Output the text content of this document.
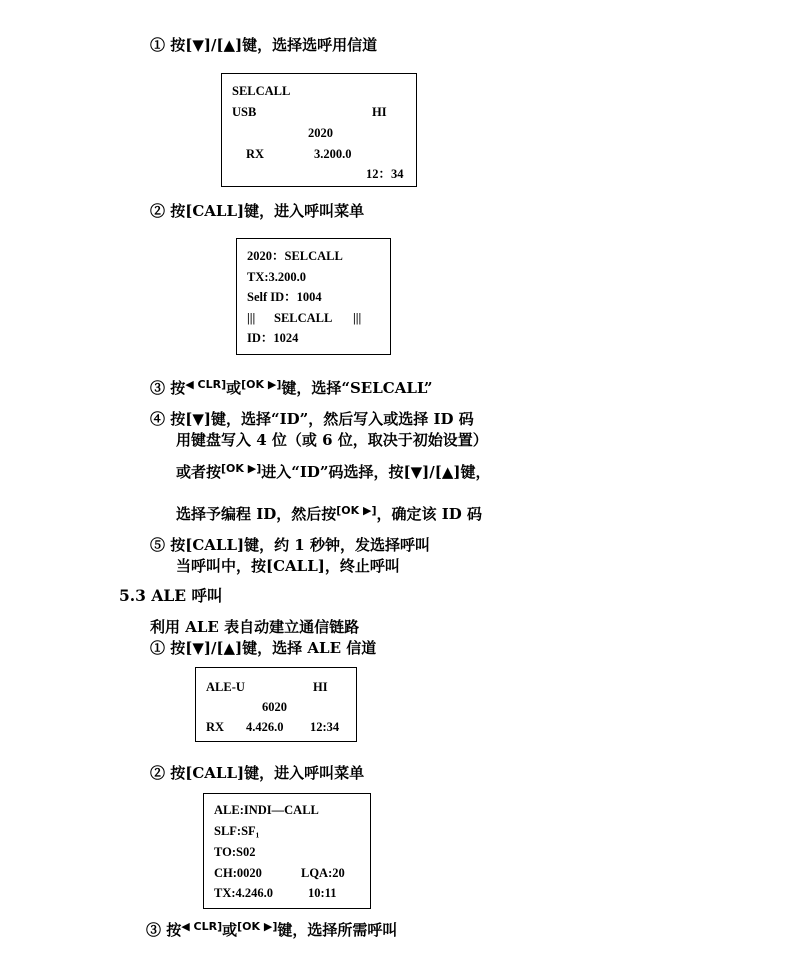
① 按[▼]/[▲]键，选择选呼用信道
SELCALL
USB	HI
2020
RX	3.200.0
12：34
② 按[CALL]键，进入呼叫菜单
2020：SELCALL
TX:3.200.0
Self ID：1004
||| SELCALL |||
ID：1024
③ 按$^{◀ CLR]}$或[OK ▶]键，选择“SELCALL”
④ 按[▼]键，选择“ID”，然后写入或选择 ID 码
用键盘写入 4 位（或 6 位，取决于初始设置）
或者按[OK ▶]进入“ID”码选择，按[▼]/[▲]键，
选择予编程 ID，然后按[OK ▶]，确定该 ID 码
⑤ 按[CALL]键，约 1 秒钟，发选择呼叫
当呼叫中，按[CALL]，终止呼叫
5.3 ALE 呼叫
利用 ALE 表自动建立通信链路
① 按[▼]/[▲]键，选择 ALE 信道
ALE-U	HI
6020
RX 4.426.0 12:34
② 按[CALL]键，进入呼叫菜单
ALE:INDI—CALL
SLF:SF₁
TO:S02
CH:0020	LQA:20
TX:4.246.0	10:11
③ 按$^{◀ CLR]}$或[OK ▶]键，选择所需呼叫
